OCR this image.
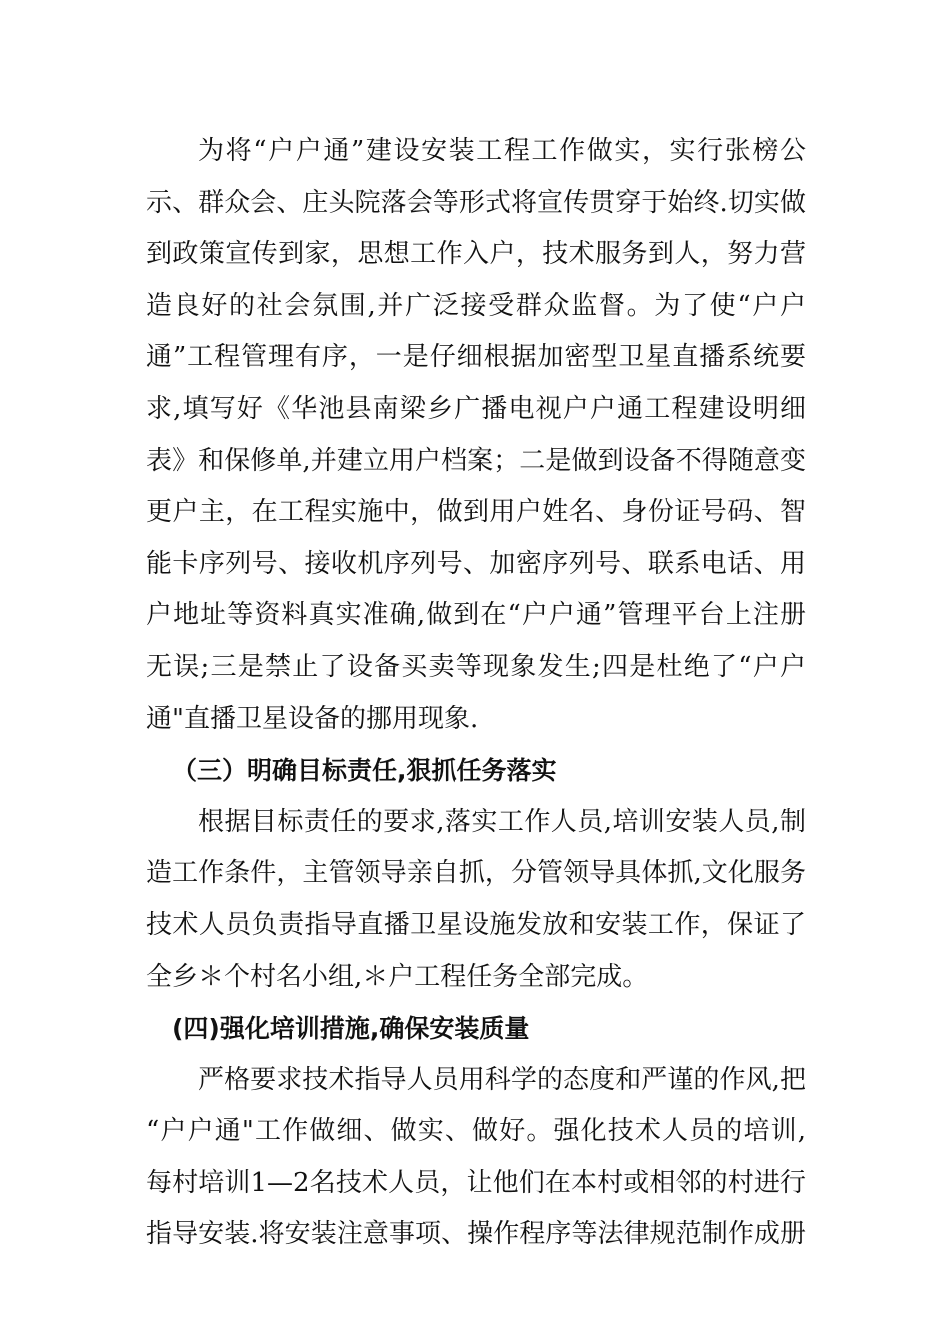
为将“户户通”建设安装工程工作做实，实行张榜公
示、群众会、庄头院落会等形式将宣传贯穿于始终.切实做
到政策宣传到家，思想工作入户，技术服务到人，努力营
造良好的社会氛围,并广泛接受群众监督。为了使“户户
通”工程管理有序，一是仔细根据加密型卫星直播系统要
求,填写好《华池县南梁乡广播电视户户通工程建设明细
表》和保修单,并建立用户档案；二是做到设备不得随意变
更户主，在工程实施中，做到用户姓名、身份证号码、智
能卡序列号、接收机序列号、加密序列号、联系电话、用
户地址等资料真实准确,做到在“户户通”管理平台上注册
无误;三是禁止了设备买卖等现象发生;四是杜绝了“户户
通"直播卫星设备的挪用现象.
（三）明确目标责任,狠抓任务落实
根据目标责任的要求,落实工作人员,培训安装人员,制
造工作条件，主管领导亲自抓，分管领导具体抓,文化服务
技术人员负责指导直播卫星设施发放和安装工作，保证了
全乡＊个村名小组,＊户工程任务全部完成。
(四)强化培训措施,确保安装质量
严格要求技术指导人员用科学的态度和严谨的作风,把
“户户通"工作做细、做实、做好。强化技术人员的培训,
每村培训1—2名技术人员，让他们在本村或相邻的村进行
指导安装.将安装注意事项、操作程序等法律规范制作成册
